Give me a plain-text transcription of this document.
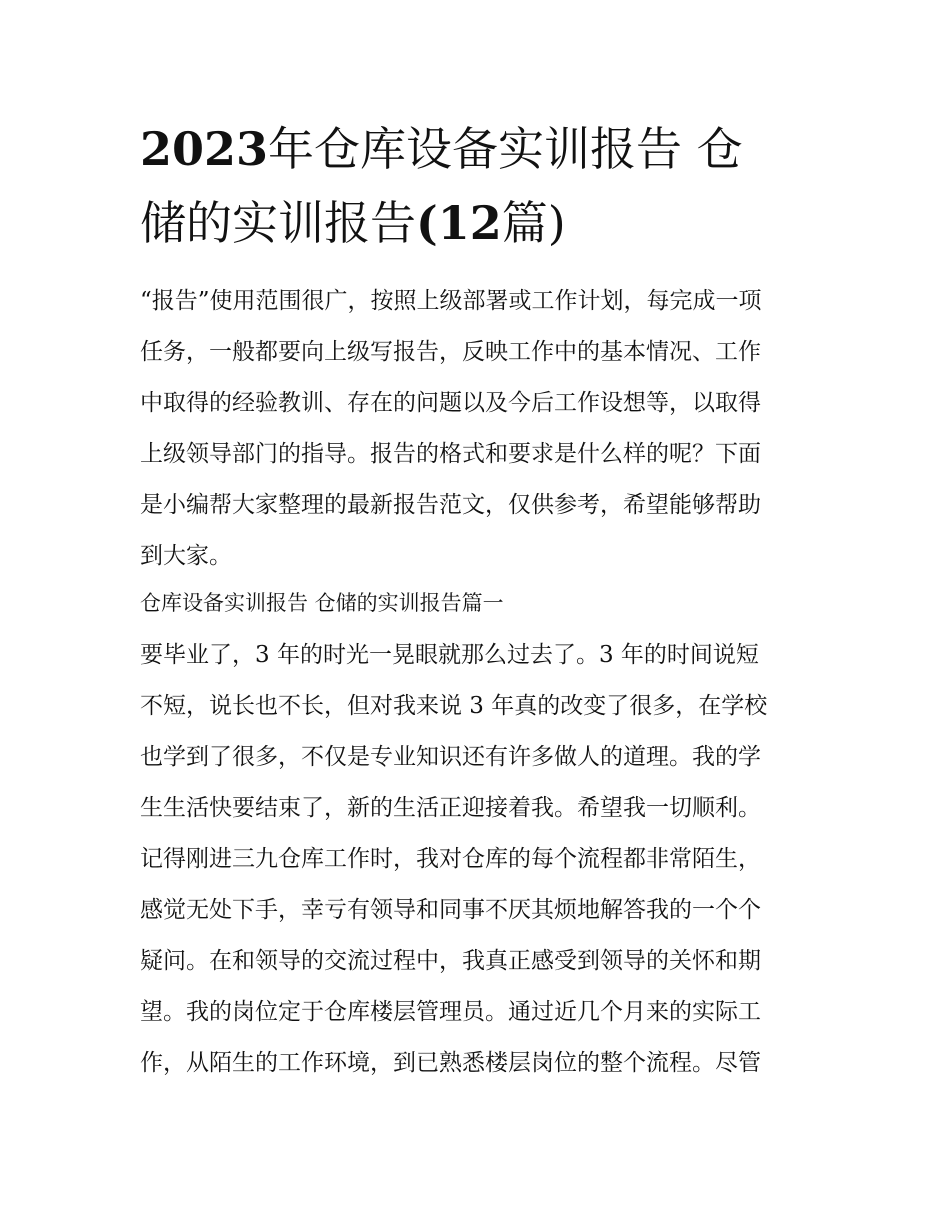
2023年仓库设备实训报告 仓
储的实训报告(12篇)

“报告”使用范围很广，按照上级部署或工作计划，每完成一项
任务，一般都要向上级写报告，反映工作中的基本情况、工作
中取得的经验教训、存在的问题以及今后工作设想等，以取得
上级领导部门的指导。报告的格式和要求是什么样的呢？下面
是小编帮大家整理的最新报告范文，仅供参考，希望能够帮助
到大家。

仓库设备实训报告 仓储的实训报告篇一

要毕业了，3 年的时光一晃眼就那么过去了。3 年的时间说短
不短，说长也不长，但对我来说 3 年真的改变了很多，在学校
也学到了很多，不仅是专业知识还有许多做人的道理。我的学
生生活快要结束了，新的生活正迎接着我。希望我一切顺利。
记得刚进三九仓库工作时，我对仓库的每个流程都非常陌生，
感觉无处下手，幸亏有领导和同事不厌其烦地解答我的一个个
疑问。在和领导的交流过程中，我真正感受到领导的关怀和期
望。我的岗位定于仓库楼层管理员。通过近几个月来的实际工
作，从陌生的工作环境，到已熟悉楼层岗位的整个流程。尽管
